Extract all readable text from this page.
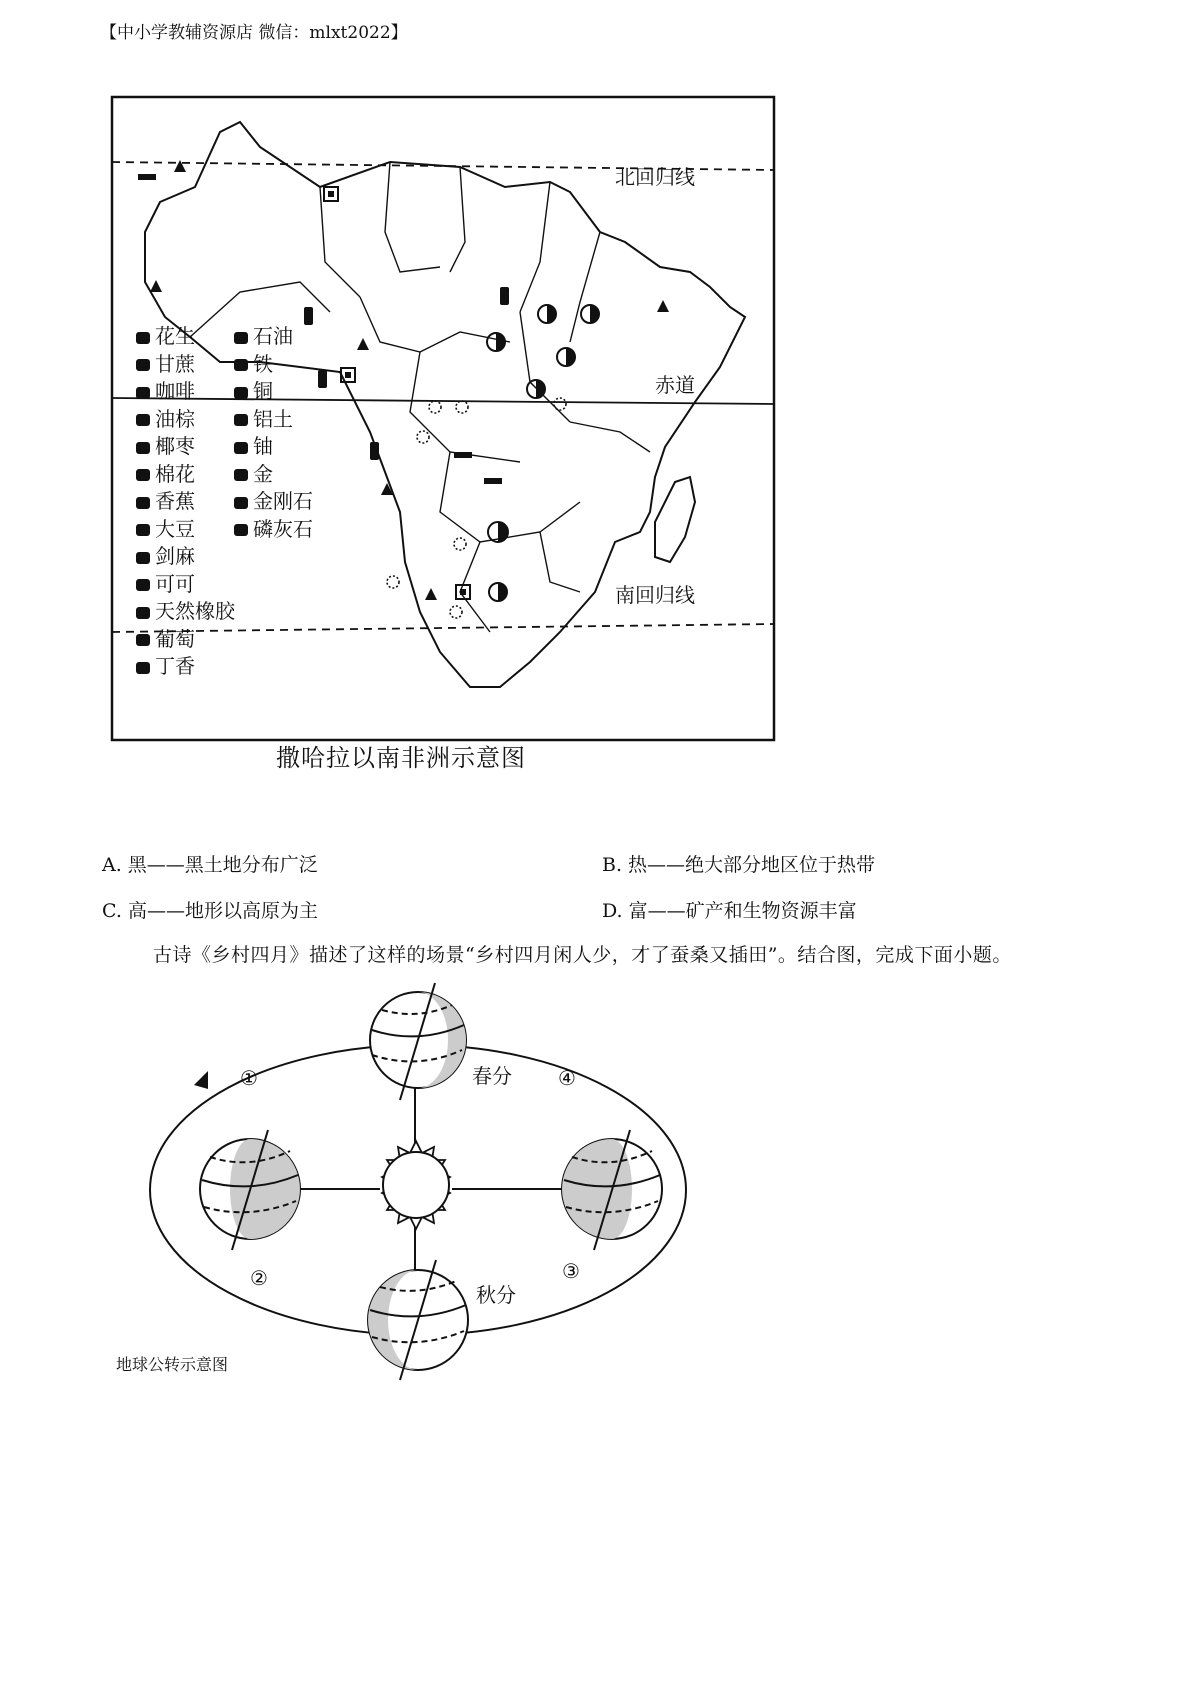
【中小学教辅资源店 微信：mlxt2022】
北回归线
赤道
南回归线
花生
甘蔗
咖啡
油棕
椰枣
棉花
香蕉
大豆
剑麻
可可
天然橡胶
葡萄
丁香
石油
铁
铜
铝土
铀
金
金刚石
磷灰石
撒哈拉以南非洲示意图
A. 黑——黑土地分布广泛	B. 热——绝大部分地区位于热带
C. 高——地形以高原为主	D. 富——矿产和生物资源丰富
古诗《乡村四月》描述了这样的场景“乡村四月闲人少，才了蚕桑又插田”。结合图，完成下面小题。
春分
秋分
①
②	③
④
地球公转示意图
